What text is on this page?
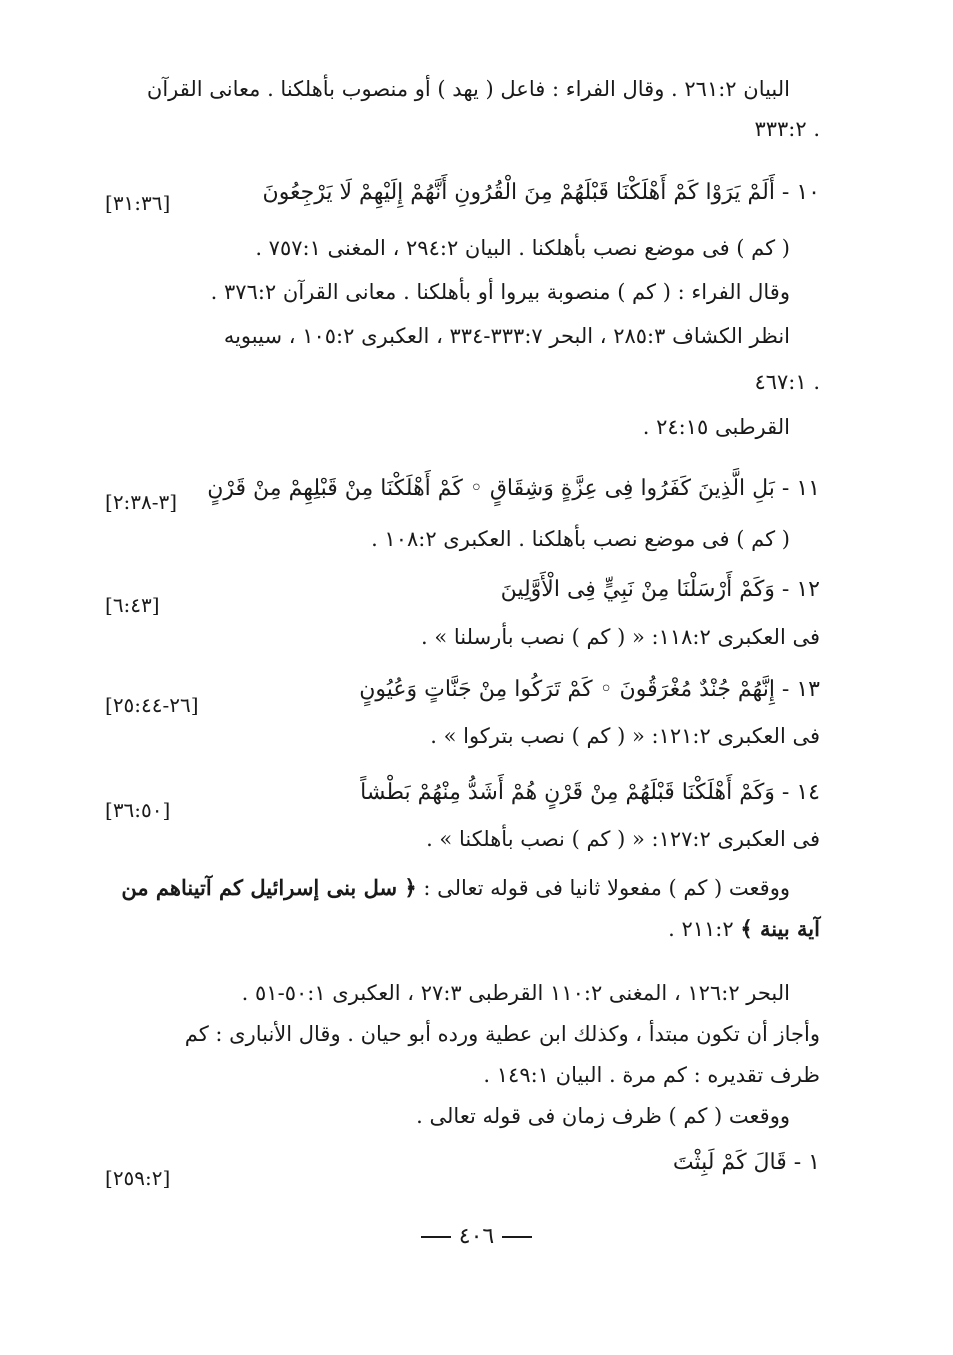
البيان ٢٦١:٢ . وقال الفراء : فاعل ( يهد ) أو منصوب بأهلكنا . معانى القرآن
. ٣٣٣:٢
١٠ - أَلَمْ يَرَوْا كَمْ أَهْلَكْنَا قَبْلَهُمْ مِنَ الْقُرُونِ أَنَّهُمْ إِلَيْهِمْ لَا يَرْجِعُونَ
[٣١:٣٦]
( كم ) فى موضع نصب بأهلكنا . البيان ٢٩٤:٢ ، المغنى ٧٥٧:١ .
وقال الفراء : ( كم ) منصوبة بيروا أو بأهلكنا . معانى القرآن ٣٧٦:٢ .
انظر الكشاف ٢٨٥:٣ ، البحر ٣٣٣:٧-٣٣٤ ، العكبرى ١٠٥:٢ ، سيبويه
. ٤٦٧:١
القرطبى ٢٤:١٥ .
١١ - بَلِ الَّذِينَ كَفَرُوا فِى عِزَّةٍ وَشِقَاقٍ ◦ كَمْ أَهْلَكْنَا مِنْ قَبْلِهِمْ مِنْ قَرْنٍ
[٣-٢:٣٨]
( كم ) فى موضع نصب بأهلكنا . العكبرى ١٠٨:٢ .
١٢ - وَكَمْ أَرْسَلْنَا مِنْ نَبِيٍّ فِى الْأَوَّلِينَ
[٦:٤٣]
فى العكبرى ١١٨:٢: « ( كم ) نصب بأرسلنا » .
١٣ - إِنَّهُمْ جُنْدٌ مُغْرَقُونَ ◦ كَمْ تَرَكُوا مِنْ جَنَّاتٍ وَعُيُونٍ
[٢٦-٢٥:٤٤]
فى العكبرى ١٢١:٢: « ( كم ) نصب بتركوا » .
١٤ - وَكَمْ أَهْلَكْنَا قَبْلَهُمْ مِنْ قَرْنٍ هُمْ أَشَدُّ مِنْهُمْ بَطْشاً
[٣٦:٥٠]
فى العكبرى ١٢٧:٢: « ( كم ) نصب بأهلكنا » .
ووقعت ( كم ) مفعولا ثانيا فى قوله تعالى : ﴿ سل بنى إسرائيل كم آتيناهم من
آية بينة ﴾ ٢١١:٢ .
البحر ١٢٦:٢ ، المغنى ١١٠:٢ القرطبى ٢٧:٣ ، العكبرى ٥٠:١-٥١ .
وأجاز أن تكون مبتدأ ، وكذلك ابن عطية ورده أبو حيان . وقال الأنبارى : كم
ظرف تقديره : كم مرة . البيان ١٤٩:١ .
ووقعت ( كم ) ظرف زمان فى قوله تعالى .
١ - قَالَ كَمْ لَبِثْتَ
[٢٥٩:٢]
٤٠٦
